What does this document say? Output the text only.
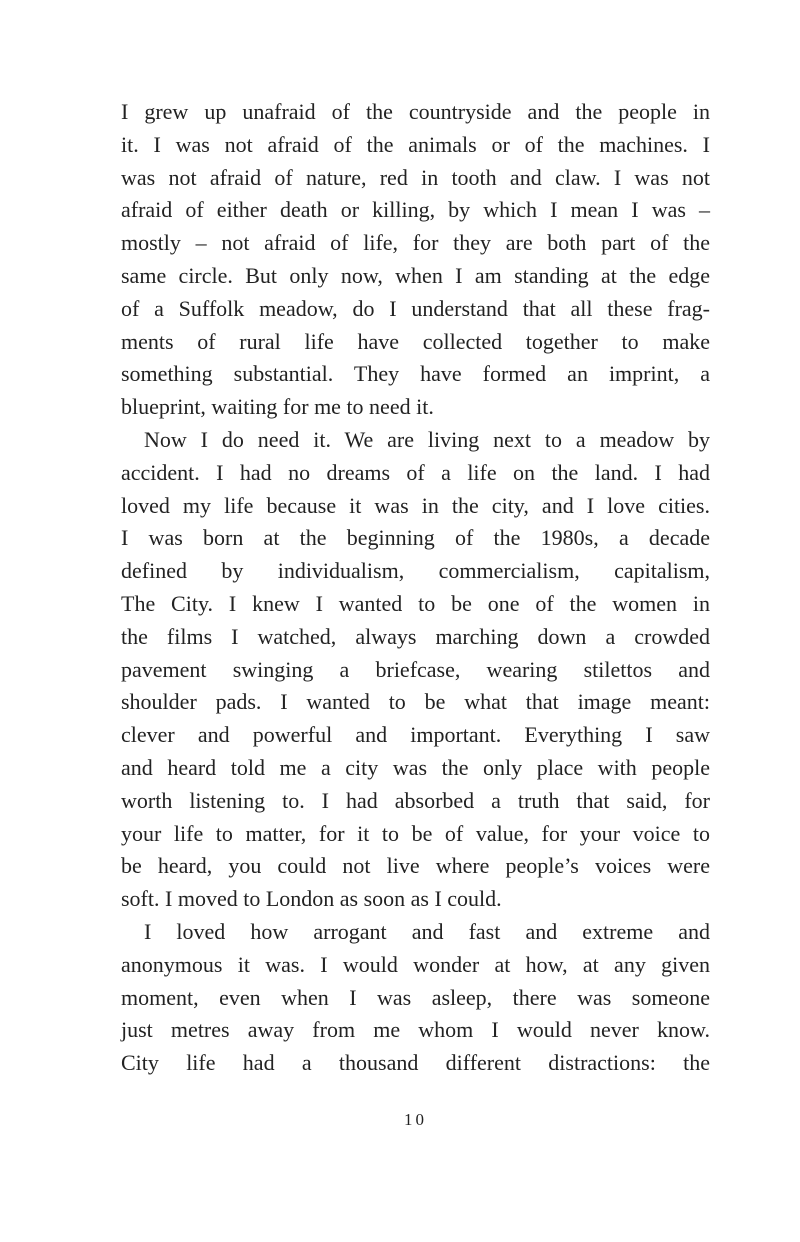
I grew up unafraid of the countryside and the people in
it. I was not afraid of the animals or of the machines. I
was not afraid of nature, red in tooth and claw. I was not
afraid of either death or killing, by which I mean I was –
mostly – not afraid of life, for they are both part of the
same circle. But only now, when I am standing at the edge
of a Suffolk meadow, do I understand that all these frag-
ments of rural life have collected together to make
something substantial. They have formed an imprint, a
blueprint, waiting for me to need it.
Now I do need it. We are living next to a meadow by
accident. I had no dreams of a life on the land. I had
loved my life because it was in the city, and I love cities.
I was born at the beginning of the 1980s, a decade
defined by individualism, commercialism, capitalism,
The City. I knew I wanted to be one of the women in
the films I watched, always marching down a crowded
pavement swinging a briefcase, wearing stilettos and
shoulder pads. I wanted to be what that image meant:
clever and powerful and important. Everything I saw
and heard told me a city was the only place with people
worth listening to. I had absorbed a truth that said, for
your life to matter, for it to be of value, for your voice to
be heard, you could not live where people’s voices were
soft. I moved to London as soon as I could.
I loved how arrogant and fast and extreme and
anonymous it was. I would wonder at how, at any given
moment, even when I was asleep, there was someone
just metres away from me whom I would never know.
City life had a thousand different distractions: the
10
